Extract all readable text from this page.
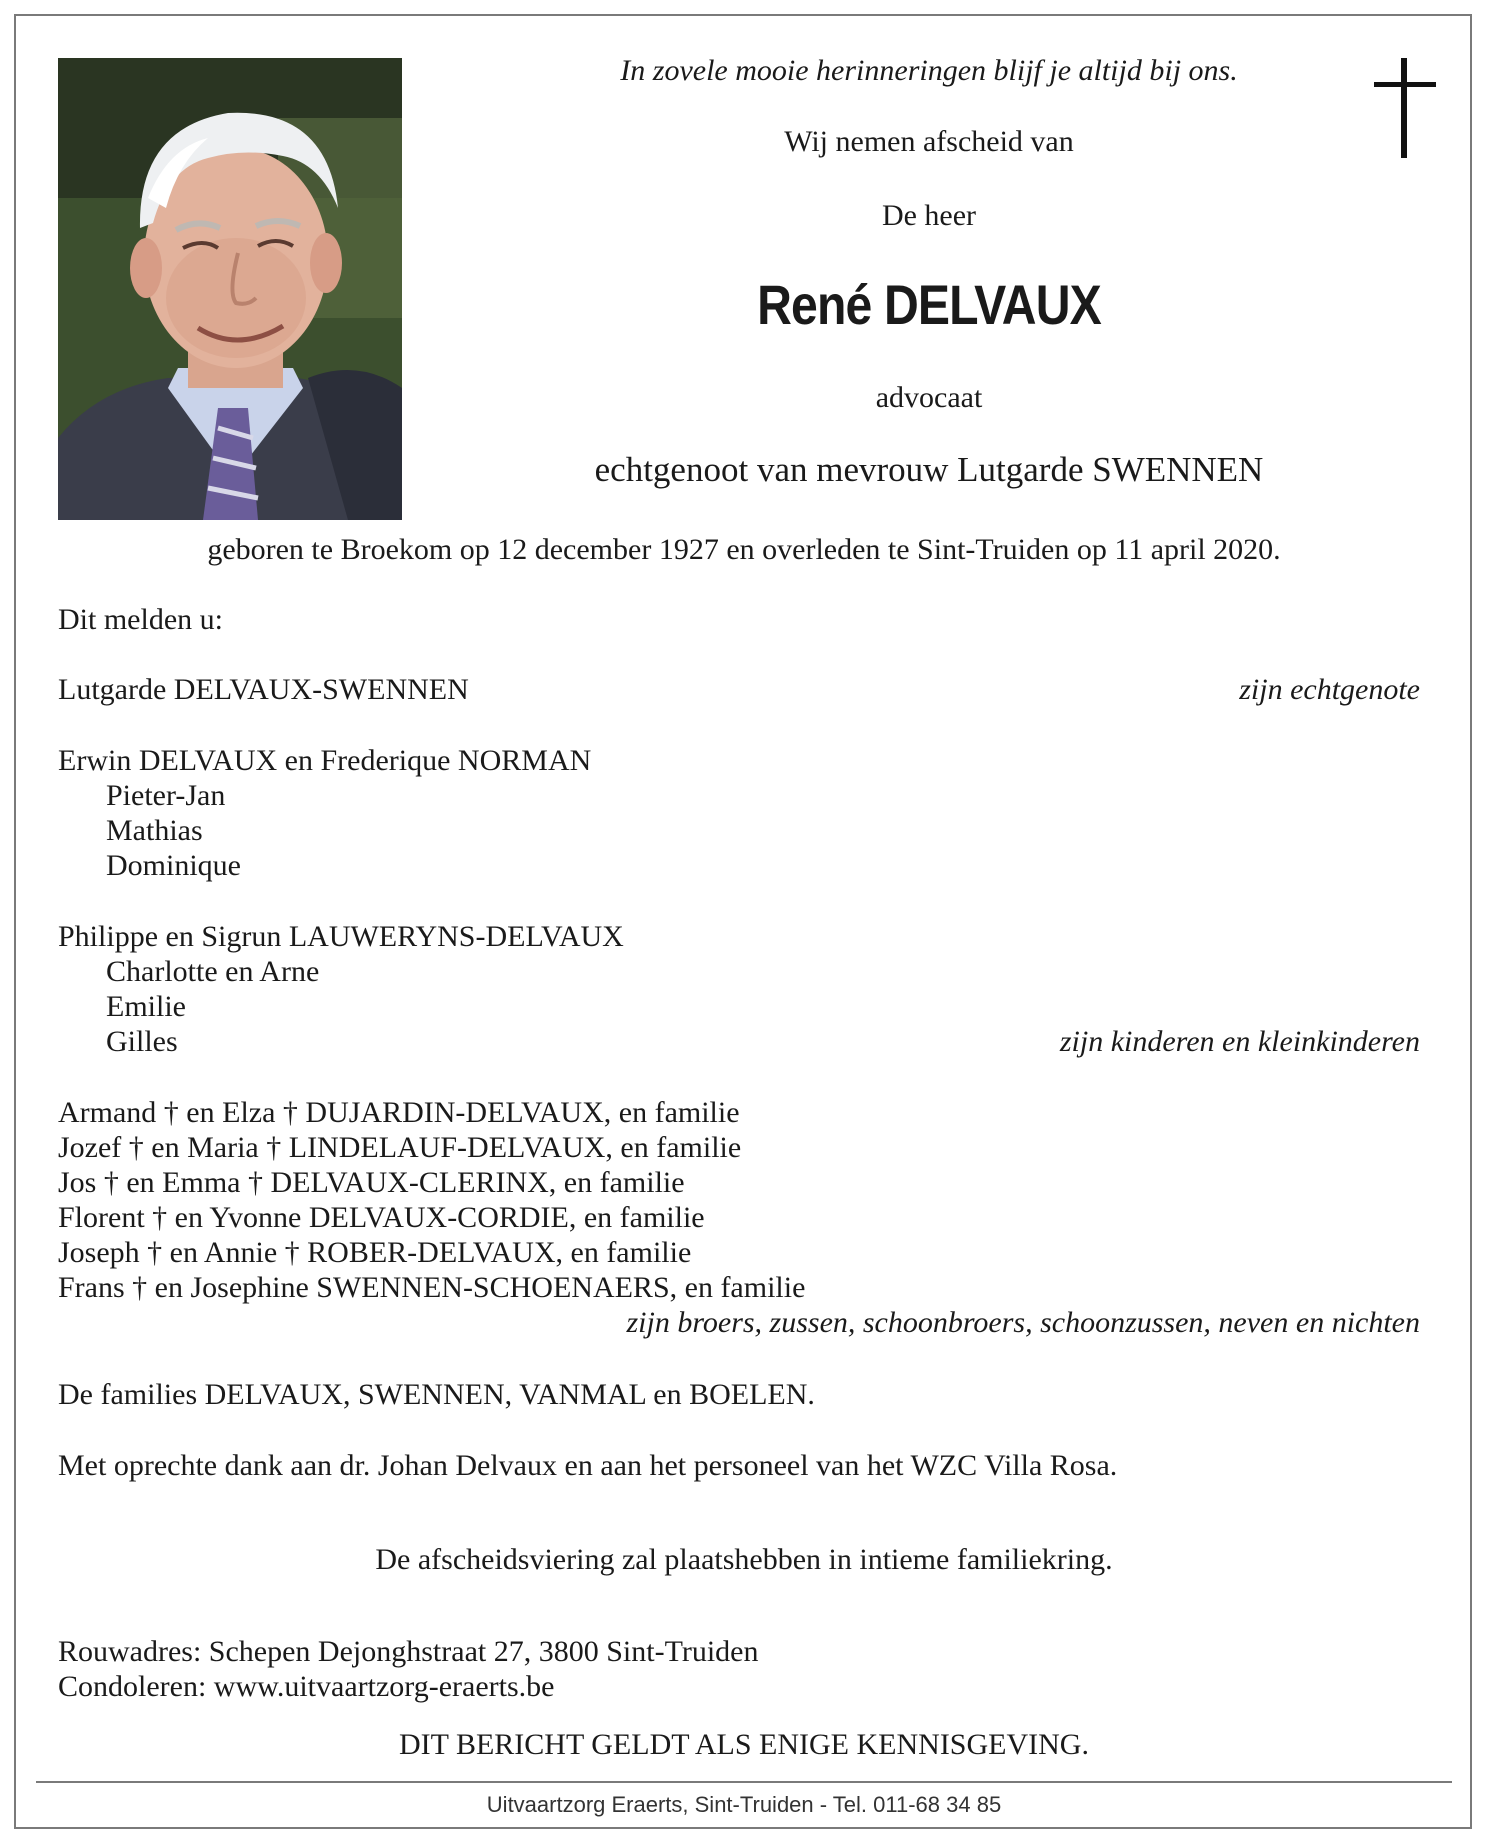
In zovele mooie herinneringen blijf je altijd bij ons.
Wij nemen afscheid van
De heer
René DELVAUX
advocaat
echtgenoot van mevrouw Lutgarde SWENNEN
geboren te Broekom op 12 december 1927 en overleden te Sint-Truiden op 11 april 2020.
Dit melden u:
Lutgarde DELVAUX-SWENNEN	zijn echtgenote
Erwin DELVAUX en Frederique NORMAN
Pieter-Jan
Mathias
Dominique
Philippe en Sigrun LAUWERYNS-DELVAUX
Charlotte en Arne
Emilie
Gilles	zijn kinderen en kleinkinderen
Armand † en Elza † DUJARDIN-DELVAUX, en familie
Jozef † en Maria † LINDELAUF-DELVAUX, en familie
Jos † en Emma † DELVAUX-CLERINX, en familie
Florent † en Yvonne DELVAUX-CORDIE, en familie
Joseph † en Annie † ROBER-DELVAUX, en familie
Frans † en Josephine SWENNEN-SCHOENAERS, en familie
zijn broers, zussen, schoonbroers, schoonzussen, neven en nichten
De families DELVAUX, SWENNEN, VANMAL en BOELEN.
Met oprechte dank aan dr. Johan Delvaux en aan het personeel van het WZC Villa Rosa.
De afscheidsviering zal plaatshebben in intieme familiekring.
Rouwadres: Schepen Dejonghstraat 27, 3800 Sint-Truiden
Condoleren: www.uitvaartzorg-eraerts.be
DIT BERICHT GELDT ALS ENIGE KENNISGEVING.
Uitvaartzorg Eraerts, Sint-Truiden - Tel. 011-68 34 85
